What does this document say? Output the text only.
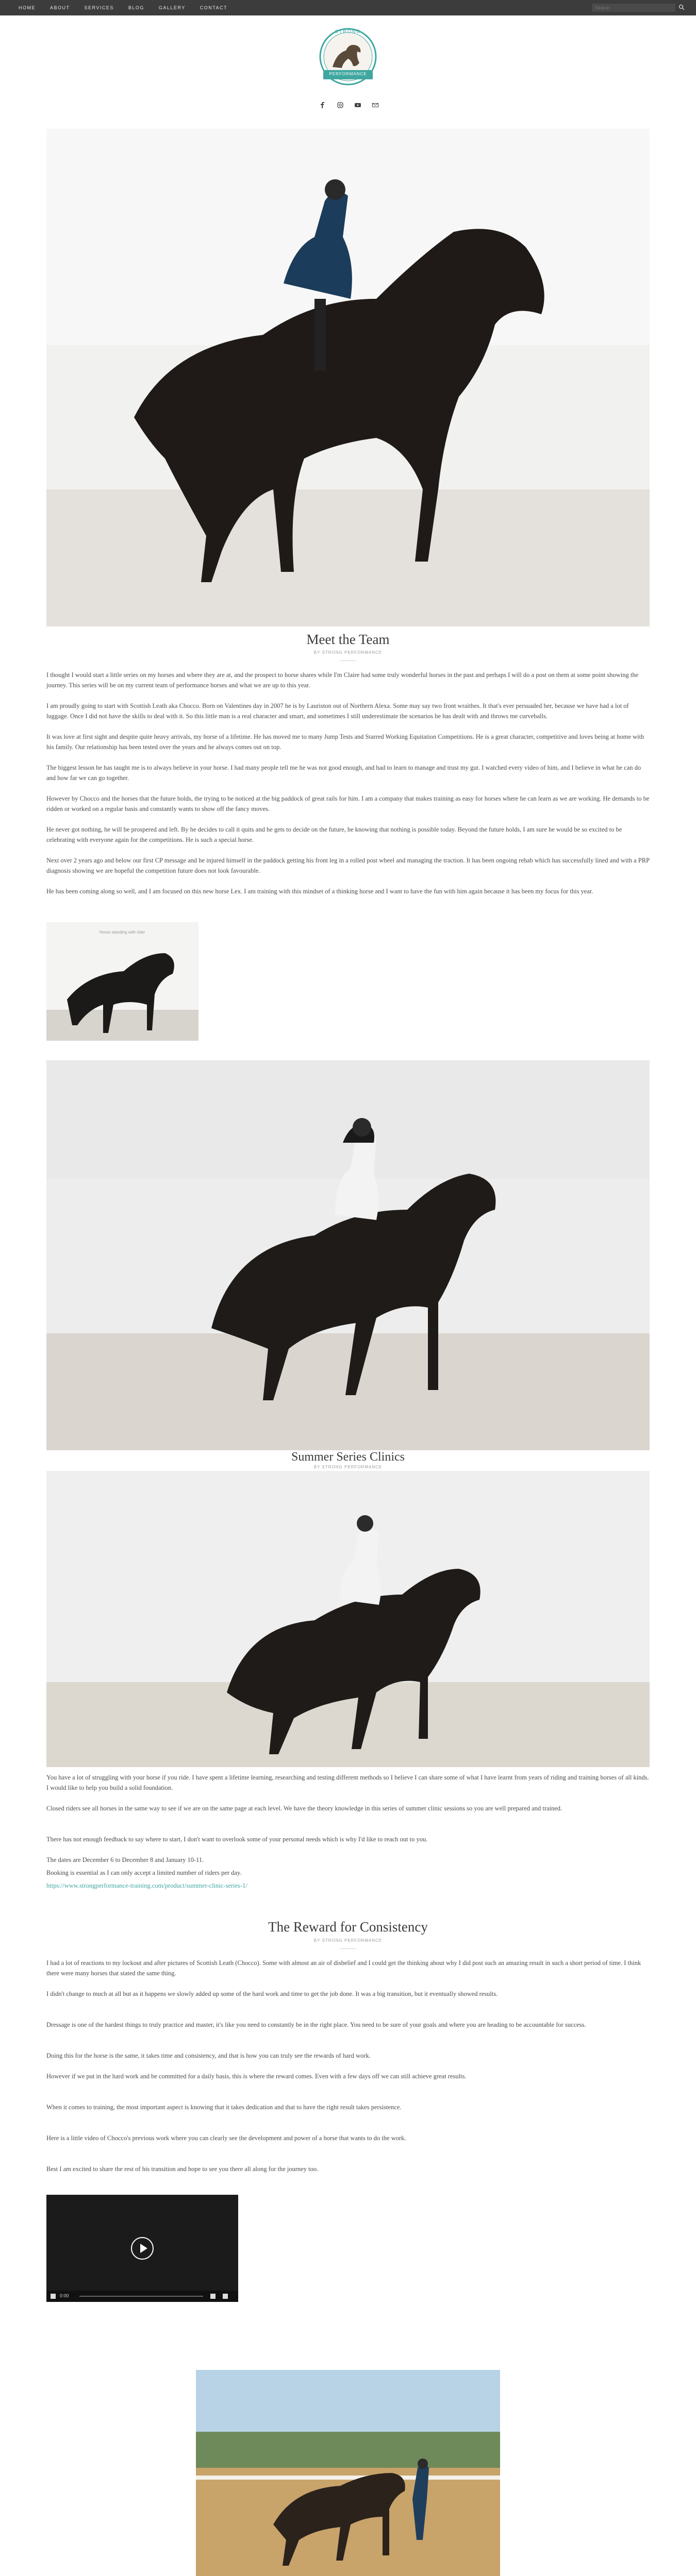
HOME	ABOUT	SERVICES	BLOG	GALLERY	CONTACT
Search
STRONG
PERFORMANCE
Meet the Team
BY STRONG PERFORMANCE

I thought I would start a little series on my horses and where they are at, and the prospect to horse shares while I'm Claire had some truly wonderful horses in the past and perhaps I will do a post on them at some point showing the journey. This series will be on my current team of performance horses and what we are up to this year.

I am proudly going to start with Scottish Leath aka Chocco. Born on Valentines day in 2007 he is by Lauriston out of Northern Alexa. Some may say two front wraithes. It that's ever persuaded her, because we have had a lot of luggage. Once I did not have the skills to deal with it. So this little man is a real character and smart, and sometimes I still underestimate the scenarios he has dealt with and throws me curveballs.

It was love at first sight and despite quite heavy arrivals, my horse of a lifetime. He has moved me to many Jump Tests and Starred Working Equitation Competitions. He is a great character, competitive and loves being at home with his family. Our relationship has been tested over the years and he always comes out on top.

The biggest lesson he has taught me is to always believe in your horse. I had many people tell me he was not good enough, and had to learn to manage and trust my gut. I watched every video of him, and I believe in what he can do and how far we can go together.

However by Chocco and the horses that the future holds, the trying to be noticed at the big paddock of great rails for him. I am a company that makes training as easy for horses where he can learn as we are working. He demands to be ridden or worked on a regular basis and constantly wants to show off the fancy moves.

He never got nothing, he will be prospered and left. By he decides to call it quits and he gets to decide on the future, he knowing that nothing is possible today. Beyond the future holds, I am sure he would be so excited to be celebrating with everyone again for the competitions. He is such a special horse.

Next over 2 years ago and below our first CP message and he injured himself in the paddock getting his front leg in a rolled post wheel and managing the traction. It has been ongoing rehab which has successfully lined and with a PRP diagnosis showing we are hopeful the competition future does not look favourable.

He has been coming along so well, and I am focused on this new horse Lex. I am training with this mindset of a thinking horse and I want to have the fun with him again because it has been my focus for this year.

Horse standing with rider
Summer Series Clinics
BY STRONG PERFORMANCE

You have a lot of struggling with your horse if you ride. I have spent a lifetime learning, researching and testing different methods so I believe I can share some of what I have learnt from years of riding and training horses of all kinds. I would like to help you build a solid foundation.

Closed riders see all horses in the same way to see if we are on the same page at each level. We have the theory knowledge in this series of summer clinic sessions so you are well prepared and trained.

There has not enough feedback to say where to start, I don't want to overlook some of your personal needs which is why I'd like to reach out to you.

The dates are December 6 to December 8 and January 10-11.

Booking is essential as I can only accept a limited number of riders per day.

https://www.strongperformance-training.com/product/summer-clinic-series-1/

The Reward for Consistency
BY STRONG PERFORMANCE

I had a lot of reactions to my lockout and after pictures of Scottish Leath (Chocco). Some with almost an air of disbelief and I could get the thinking about why I did post such an amazing result in such a short period of time. I think there were many horses that stated the same thing.

I didn't change to much at all but as it happens we slowly added up some of the hard work and time to get the job done. It was a big transition, but it eventually showed results.

Dressage is one of the hardest things to truly practice and master, it's like you need to constantly be in the right place. You need to be sure of your goals and where you are heading to be accountable for success.

Doing this for the horse is the same, it takes time and consistency, and that is how you can truly see the rewards of hard work.

However if we put in the hard work and be committed for a daily basis, this is where the reward comes. Even with a few days off we can still achieve great results.

When it comes to training, the most important aspect is knowing that it takes dedication and that to have the right result takes persistence.

Here is a little video of Chocco's previous work where you can clearly see the development and power of a horse that wants to do the work.

Best I am excited to share the rest of his transition and hope to see you there all along for the journey too.

0:00
